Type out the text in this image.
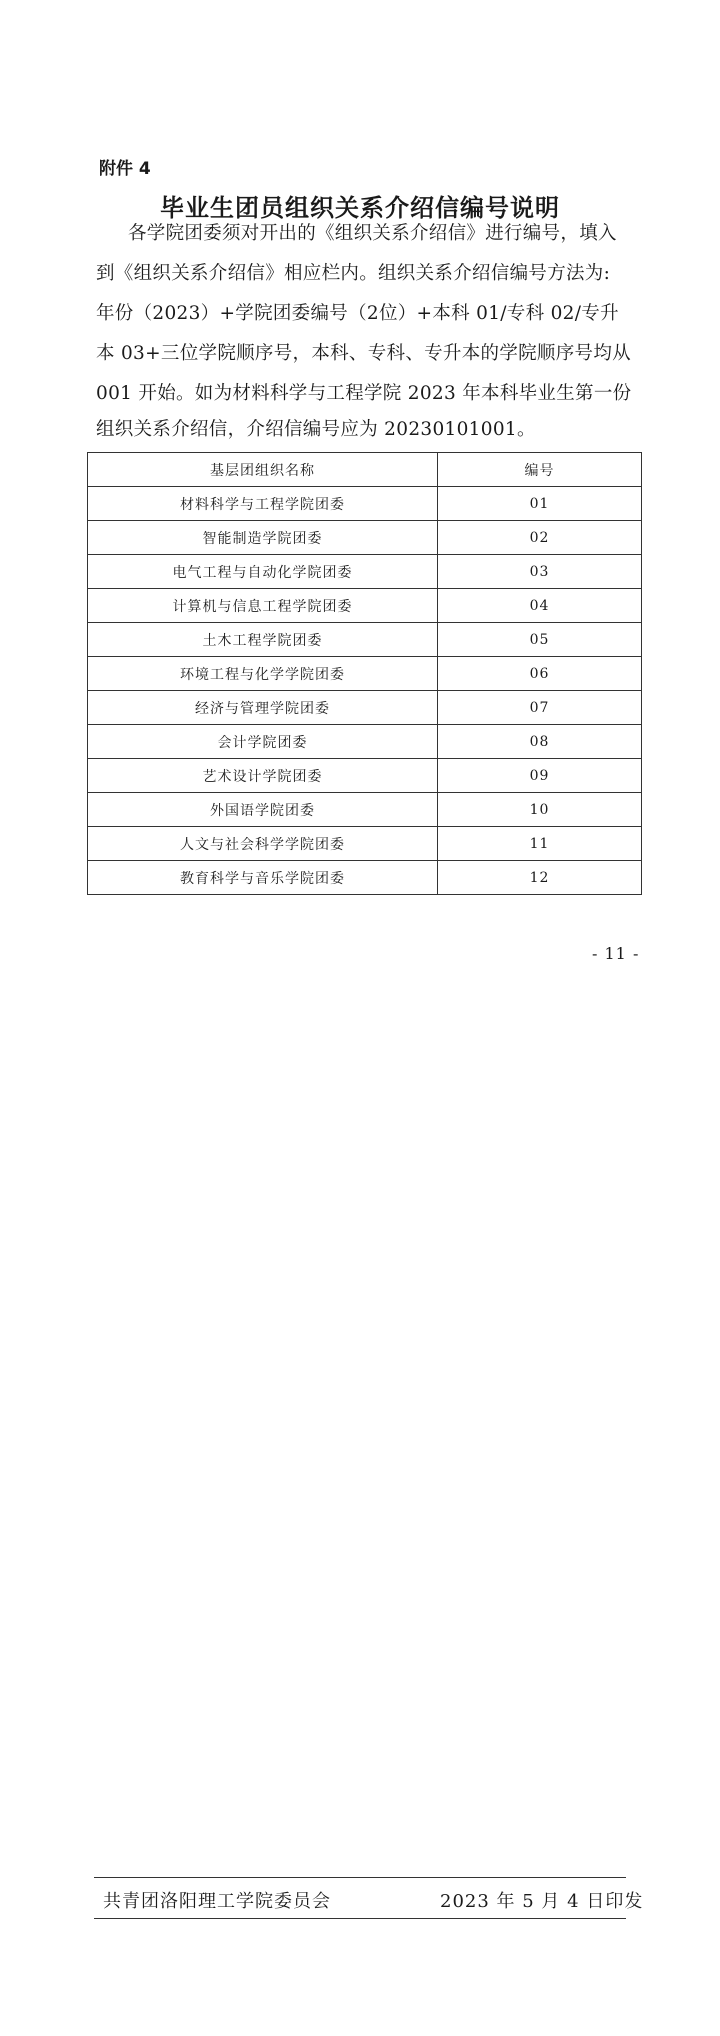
附件 4
毕业生团员组织关系介绍信编号说明
各学院团委须对开出的《组织关系介绍信》进行编号，填入
到《组织关系介绍信》相应栏内。组织关系介绍信编号方法为:
年份（2023）+学院团委编号（2位）+本科 01/专科 02/专升
本 03+三位学院顺序号，本科、专科、专升本的学院顺序号均从
001 开始。如为材料科学与工程学院 2023 年本科毕业生第一份
组织关系介绍信，介绍信编号应为 20230101001。
基层团组织名称	编号
材料科学与工程学院团委	01
智能制造学院团委	02
电气工程与自动化学院团委	03
计算机与信息工程学院团委	04
土木工程学院团委	05
环境工程与化学学院团委	06
经济与管理学院团委	07
会计学院团委	08
艺术设计学院团委	09
外国语学院团委	10
人文与社会科学学院团委	11
教育科学与音乐学院团委	12
- 11 -
共青团洛阳理工学院委员会	2023 年 5 月 4 日印发
